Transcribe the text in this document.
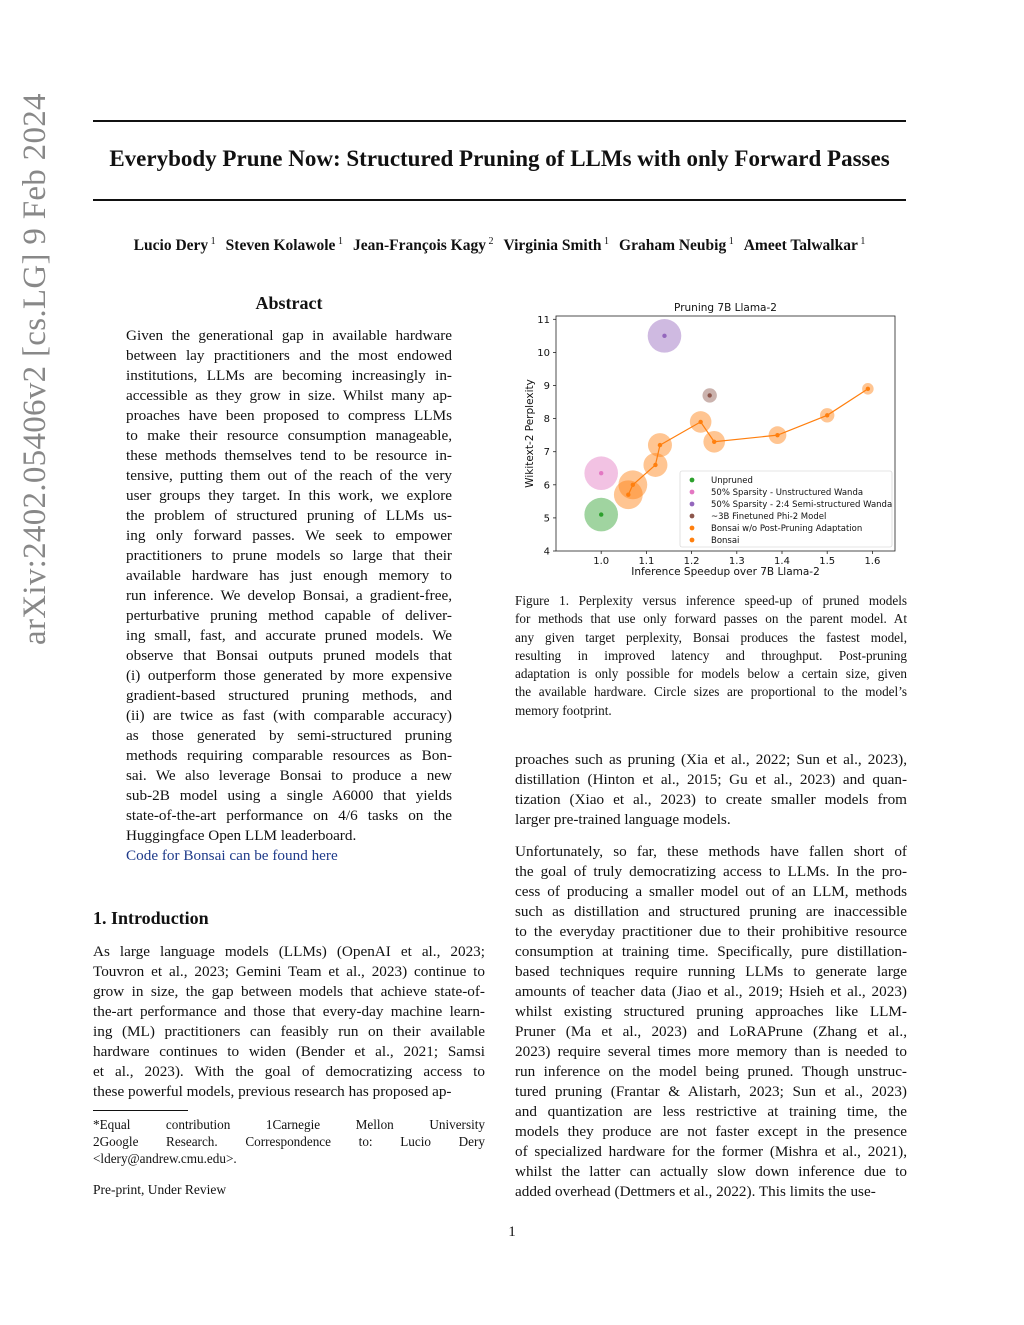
Everybody Prune Now: Structured Pruning of LLMs with only Forward Passes
Lucio Dery $^1$ Steven Kolawole $^1$ Jean-François Kagy $^2$ Virginia Smith $^1$ Graham Neubig $^1$ Ameet Talwalkar $^1$
arXiv:2402.05406v2 [cs.LG] 9 Feb 2024	Abstract
Given the generational gap in available hardware
between lay practitioners and the most endowed
institutions, LLMs are becoming increasingly in-
accessible as they grow in size. Whilst many ap-
proaches have been proposed to compress LLMs
to make their resource consumption manageable,
these methods themselves tend to be resource in-
tensive, putting them out of the reach of the very
user groups they target. In this work, we explore
the problem of structured pruning of LLMs us-
ing only forward passes. We seek to empower
practitioners to prune models so large that their
available hardware has just enough memory to
run inference. We develop Bonsai, a gradient-free,
perturbative pruning method capable of deliver-
ing small, fast, and accurate pruned models. We
observe that Bonsai outputs pruned models that
(i) outperform those generated by more expensive
gradient-based structured pruning methods, and
(ii) are twice as fast (with comparable accuracy)
as those generated by semi-structured pruning
methods requiring comparable resources as Bon-
sai. We also leverage Bonsai to produce a new
sub-2B model using a single A6000 that yields
state-of-the-art performance on 4/6 tasks on the
Huggingface Open LLM leaderboard.
Code for Bonsai can be found here
1. Introduction
As large language models (LLMs) (OpenAI et al., 2023;
Touvron et al., 2023; Gemini Team et al., 2023) continue to
grow in size, the gap between models that achieve state-of-
the-art performance and those that every-day machine learn-
ing (ML) practitioners can feasibly run on their available
hardware continues to widen (Bender et al., 2021; Samsi
et al., 2023). With the goal of democratizing access to
these powerful models, previous research has proposed ap-
*Equal contribution 1Carnegie Mellon University
2Google Research. Correspondence to: Lucio Dery
<ldery@andrew.cmu.edu>.
Pre-print, Under Review
1
Pruning 7B Llama-2
1.0	1.1	1.2	1.3	1.4	1.5	1.6
4
5
6
7
8
9
10
11
Inference Speedup over 7B Llama-2
Wikitext-2 Perplexity	Unpruned
50% Sparsity - Unstructured Wanda
50% Sparsity - 2:4 Semi-structured Wanda
~3B Finetuned Phi-2 Model
Bonsai w/o Post-Pruning Adaptation
Bonsai
Figure 1. Perplexity versus inference speed-up of pruned models
for methods that use only forward passes on the parent model. At
any given target perplexity, Bonsai produces the fastest model,
resulting in improved latency and throughput. Post-pruning
adaptation is only possible for models below a certain size, given
the available hardware. Circle sizes are proportional to the model’s
memory footprint.
proaches such as pruning (Xia et al., 2022; Sun et al., 2023),
distillation (Hinton et al., 2015; Gu et al., 2023) and quan-
tization (Xiao et al., 2023) to create smaller models from
larger pre-trained language models.
Unfortunately, so far, these methods have fallen short of
the goal of truly democratizing access to LLMs. In the pro-
cess of producing a smaller model out of an LLM, methods
such as distillation and structured pruning are inaccessible
to the everyday practitioner due to their prohibitive resource
consumption at training time. Specifically, pure distillation-
based techniques require running LLMs to generate large
amounts of teacher data (Jiao et al., 2019; Hsieh et al., 2023)
whilst existing structured pruning approaches like LLM-
Pruner (Ma et al., 2023) and LoRAPrune (Zhang et al.,
2023) require several times more memory than is needed to
run inference on the model being pruned. Though unstruc-
tured pruning (Frantar & Alistarh, 2023; Sun et al., 2023)
and quantization are less restrictive at training time, the
models they produce are not faster except in the presence
of specialized hardware for the former (Mishra et al., 2021),
whilst the latter can actually slow down inference due to
added overhead (Dettmers et al., 2022). This limits the use-
